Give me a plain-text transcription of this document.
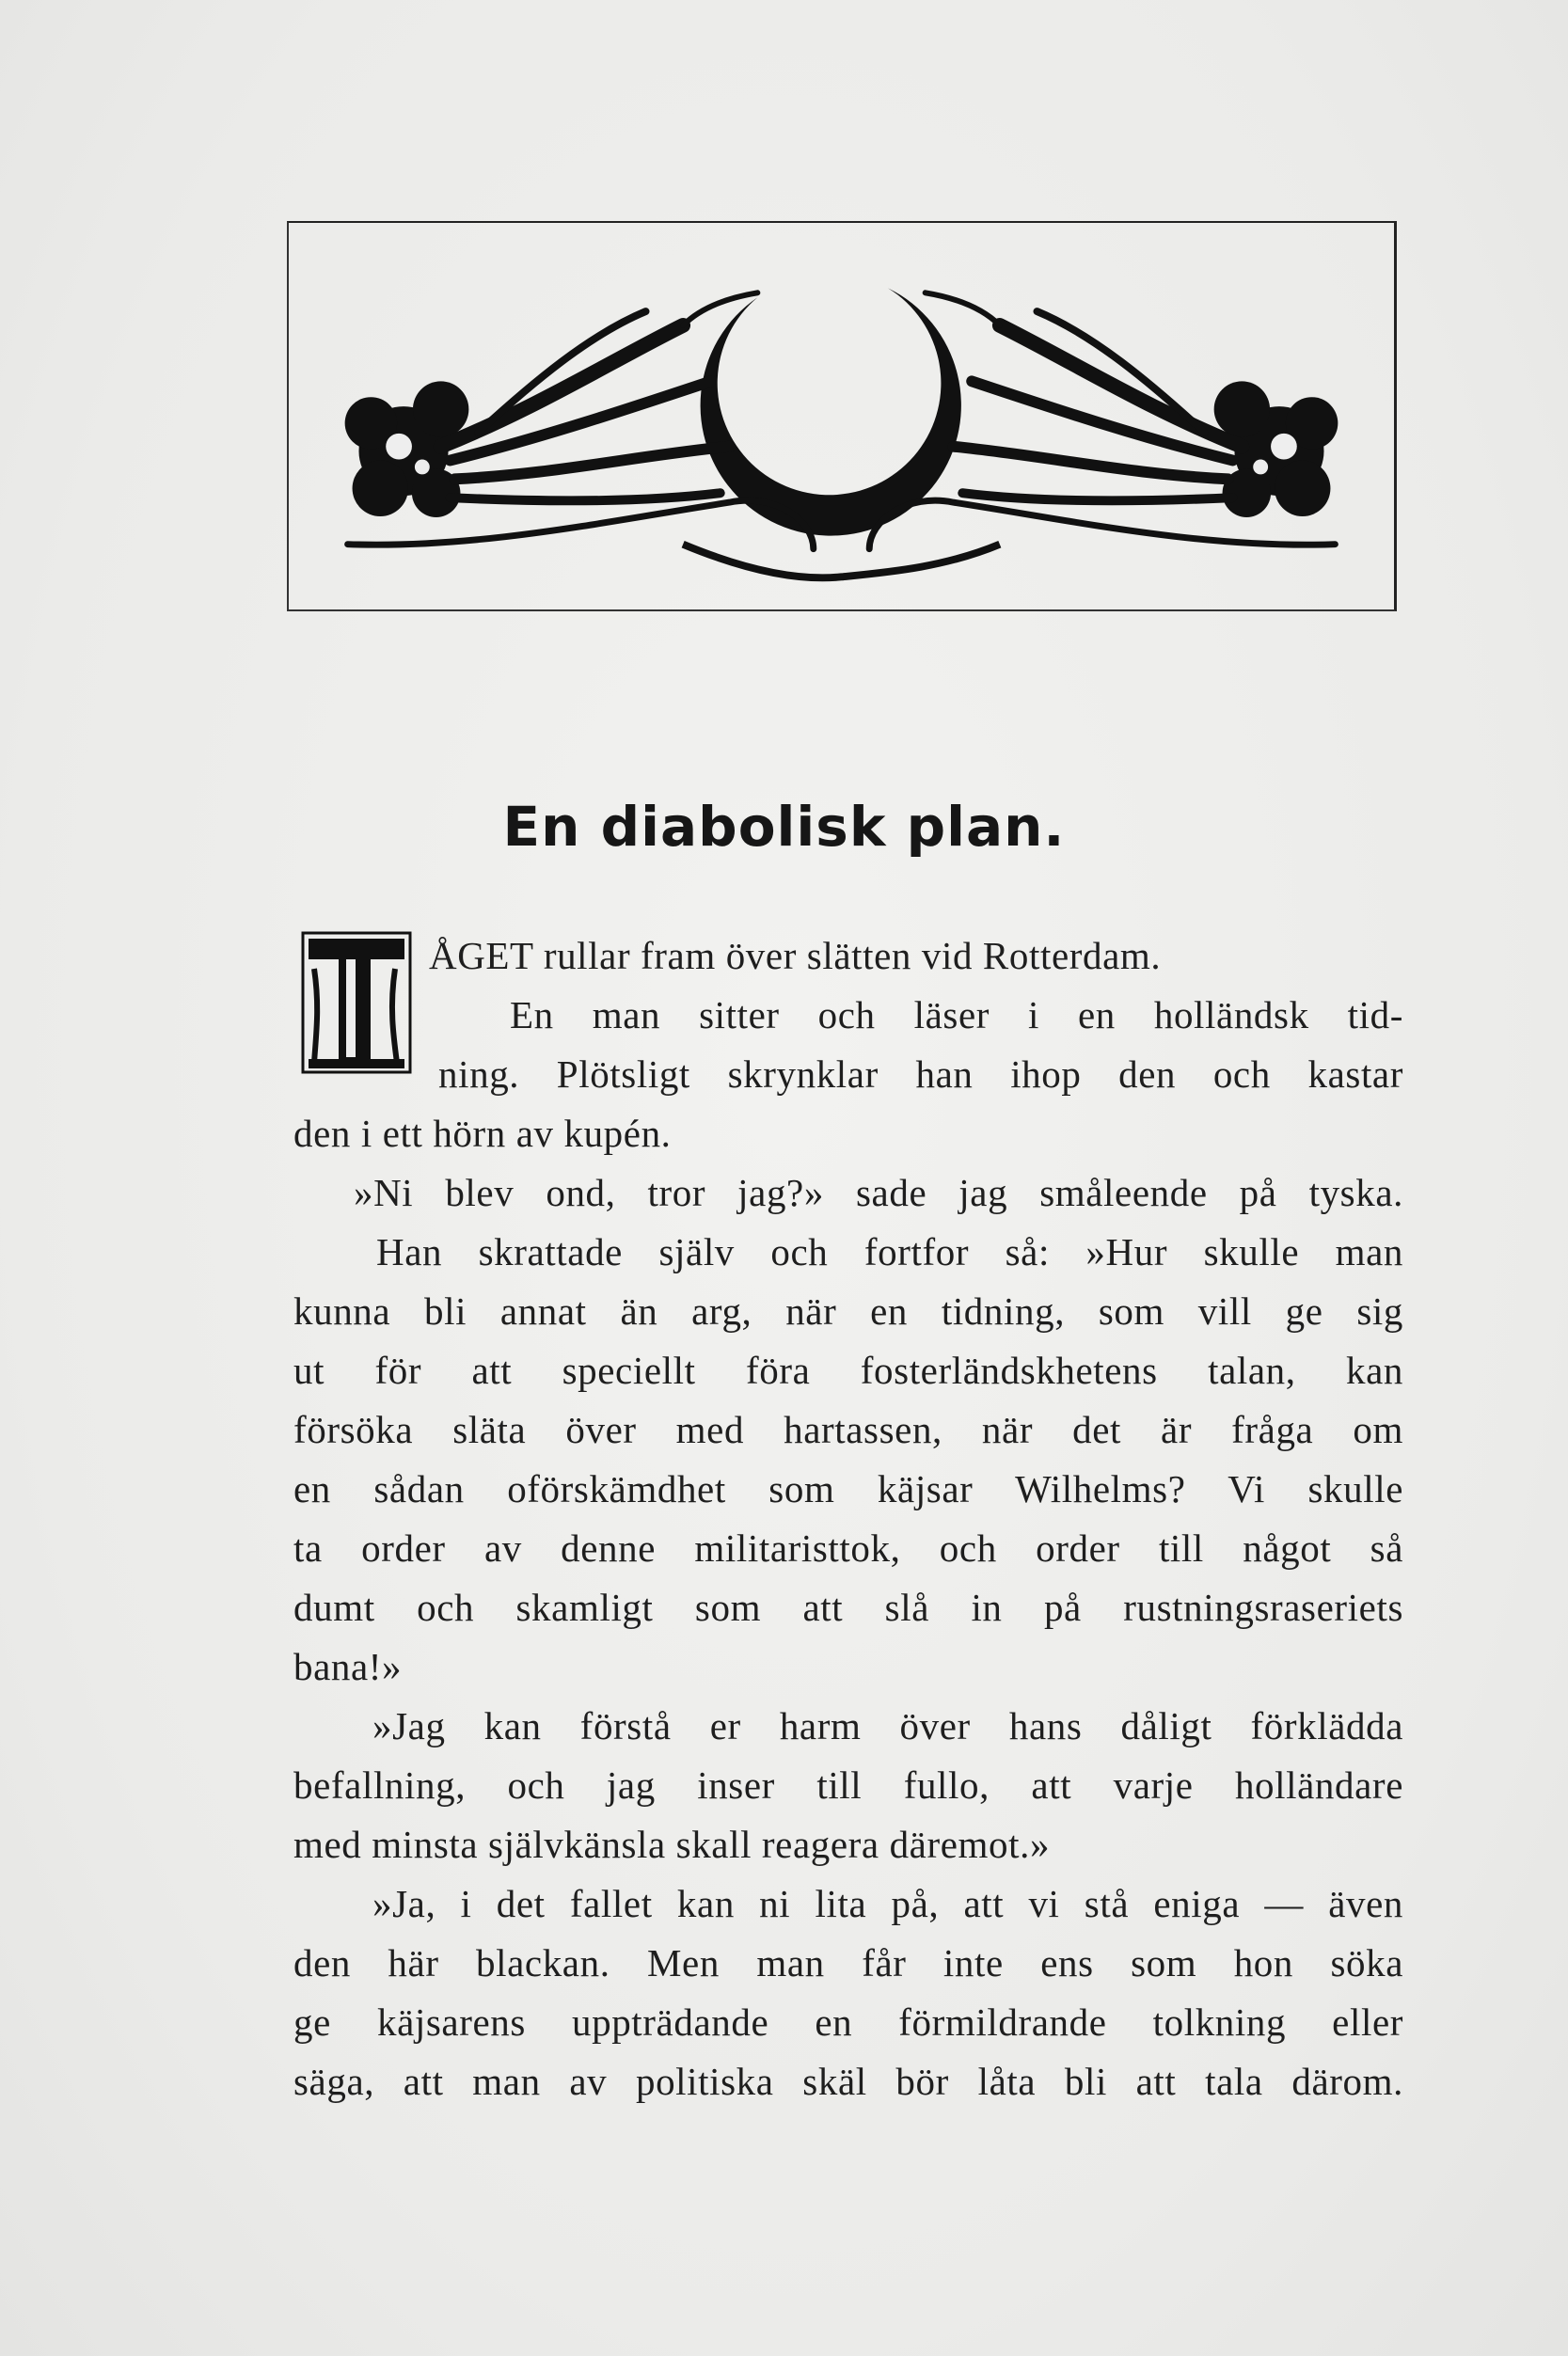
En diabolisk plan.
ÅGET rullar fram över slätten vid Rotterdam.
En man sitter och läser i en holländsk tid-
ning. Plötsligt skrynklar han ihop den och kastar
den i ett hörn av kupén.
»Ni blev ond, tror jag?» sade jag småleende på tyska.
Han skrattade själv och fortfor så: »Hur skulle man
kunna bli annat än arg, när en tidning, som vill ge sig
ut för att speciellt föra fosterländskhetens talan, kan
försöka släta över med hartassen, när det är fråga om
en sådan oförskämdhet som käjsar Wilhelms? Vi skulle
ta order av denne militaristtok, och order till något så
dumt och skamligt som att slå in på rustningsraseriets
bana!»
»Jag kan förstå er harm över hans dåligt förklädda
befallning, och jag inser till fullo, att varje holländare
med minsta självkänsla skall reagera däremot.»
»Ja, i det fallet kan ni lita på, att vi stå eniga — även
den här blackan. Men man får inte ens som hon söka
ge käjsarens uppträdande en förmildrande tolkning eller
säga, att man av politiska skäl bör låta bli att tala därom.
